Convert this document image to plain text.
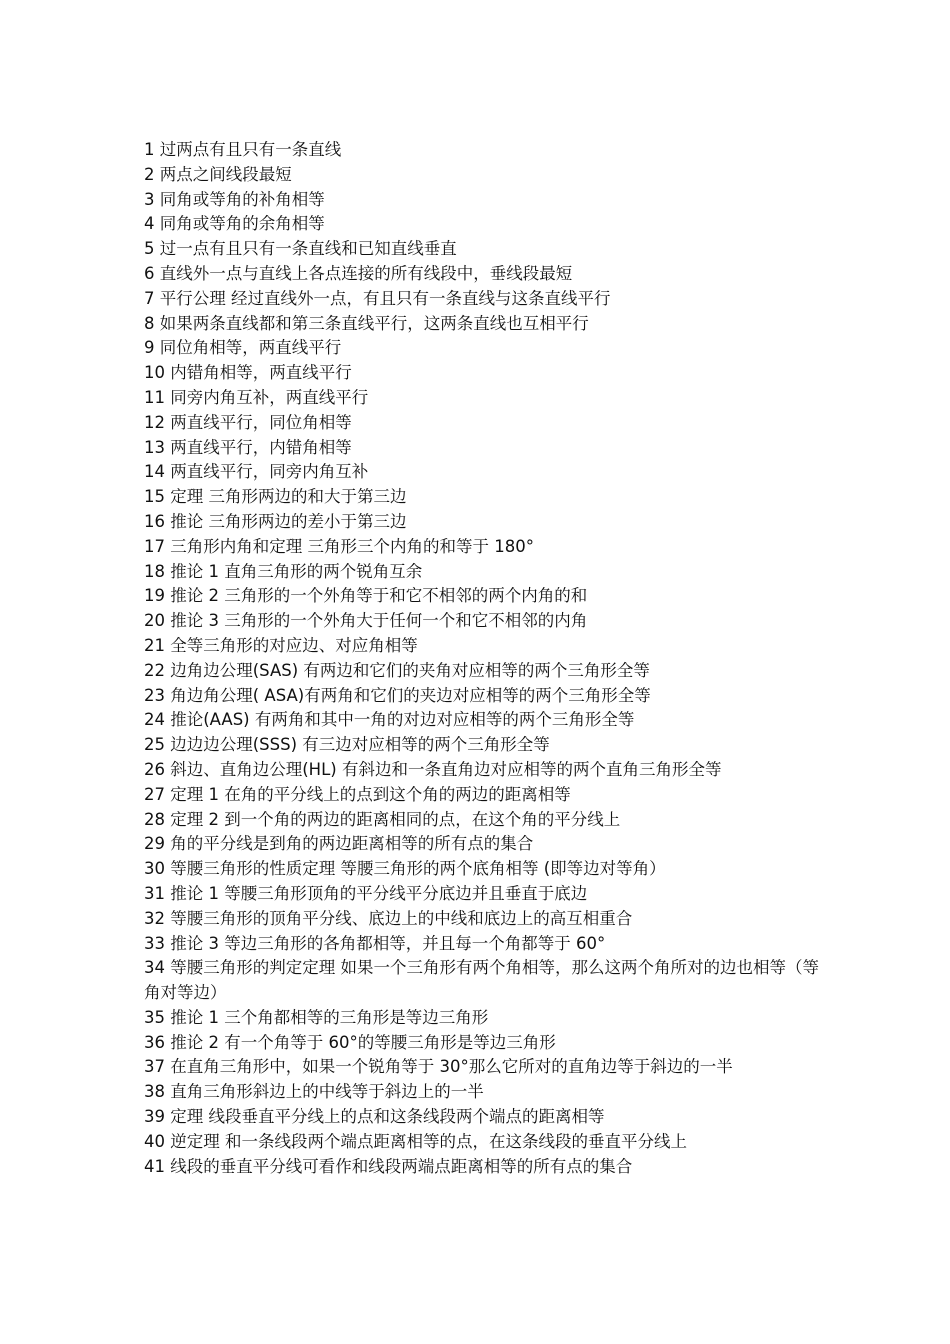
1 过两点有且只有一条直线
2 两点之间线段最短
3 同角或等角的补角相等
4 同角或等角的余角相等
5 过一点有且只有一条直线和已知直线垂直
6 直线外一点与直线上各点连接的所有线段中，垂线段最短
7 平行公理 经过直线外一点，有且只有一条直线与这条直线平行
8 如果两条直线都和第三条直线平行，这两条直线也互相平行
9 同位角相等，两直线平行
10 内错角相等，两直线平行
11 同旁内角互补，两直线平行
12 两直线平行，同位角相等
13 两直线平行，内错角相等
14 两直线平行，同旁内角互补
15 定理 三角形两边的和大于第三边
16 推论 三角形两边的差小于第三边
17 三角形内角和定理 三角形三个内角的和等于 180°
18 推论 1 直角三角形的两个锐角互余
19 推论 2 三角形的一个外角等于和它不相邻的两个内角的和
20 推论 3 三角形的一个外角大于任何一个和它不相邻的内角
21 全等三角形的对应边、对应角相等
22 边角边公理(SAS) 有两边和它们的夹角对应相等的两个三角形全等
23 角边角公理( ASA)有两角和它们的夹边对应相等的两个三角形全等
24 推论(AAS) 有两角和其中一角的对边对应相等的两个三角形全等
25 边边边公理(SSS) 有三边对应相等的两个三角形全等
26 斜边、直角边公理(HL) 有斜边和一条直角边对应相等的两个直角三角形全等
27 定理 1 在角的平分线上的点到这个角的两边的距离相等
28 定理 2 到一个角的两边的距离相同的点，在这个角的平分线上
29 角的平分线是到角的两边距离相等的所有点的集合
30 等腰三角形的性质定理 等腰三角形的两个底角相等 (即等边对等角）
31 推论 1 等腰三角形顶角的平分线平分底边并且垂直于底边
32 等腰三角形的顶角平分线、底边上的中线和底边上的高互相重合
33 推论 3 等边三角形的各角都相等，并且每一个角都等于 60°
34 等腰三角形的判定定理 如果一个三角形有两个角相等，那么这两个角所对的边也相等（等角对等边）
35 推论 1 三个角都相等的三角形是等边三角形
36 推论 2 有一个角等于 60°的等腰三角形是等边三角形
37 在直角三角形中，如果一个锐角等于 30°那么它所对的直角边等于斜边的一半
38 直角三角形斜边上的中线等于斜边上的一半
39 定理 线段垂直平分线上的点和这条线段两个端点的距离相等
40 逆定理 和一条线段两个端点距离相等的点，在这条线段的垂直平分线上
41 线段的垂直平分线可看作和线段两端点距离相等的所有点的集合
